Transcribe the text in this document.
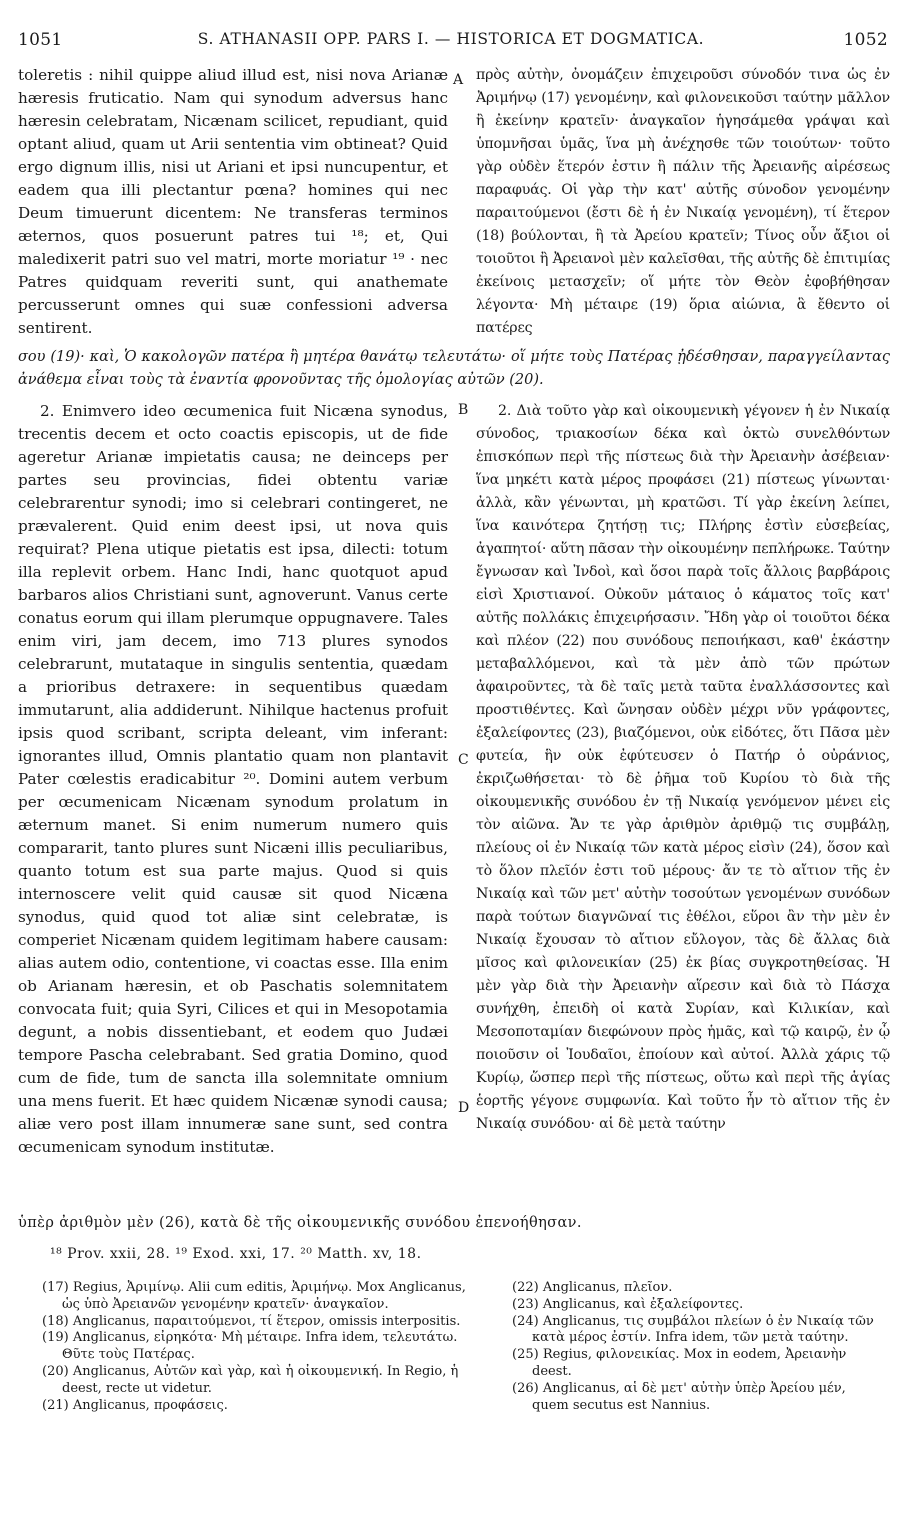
1051	S. ATHANASII OPP. PARS I. — HISTORICA ET DOGMATICA.	1052
A
B
C
D

toleretis : nihil quippe aliud illud est, nisi nova Arianæ hæresis fruticatio. Nam qui synodum adversus hanc hæresin celebratam, Nicænam scilicet, repudiant, quid optant aliud, quam ut Arii sententia vim obtineat? Quid ergo dignum illis, nisi ut Ariani et ipsi nuncupentur, et eadem qua illi plectantur pœna? homines qui nec Deum timuerunt dicentem: Ne transferas terminos æternos, quos posuerunt patres tui ¹⁸; et, Qui maledixerit patri suo vel matri, morte moriatur ¹⁹ · nec Patres quidquam reveriti sunt, qui anathemate percusserunt omnes qui suæ confessioni adversa sentirent.

πρὸς αὐτὴν, ὀνομάζειν ἐπιχειροῦσι σύνοδόν τινα ὡς ἐν Ἀριμήνῳ (17) γενομένην, καὶ φιλονεικοῦσι ταύτην μᾶλλον ἢ ἐκείνην κρατεῖν· ἀναγκαῖον ἡγησάμεθα γράψαι καὶ ὑπομνῆσαι ὑμᾶς, ἵνα μὴ ἀνέχησθε τῶν τοιούτων· τοῦτο γὰρ οὐδὲν ἕτερόν ἐστιν ἢ πάλιν τῆς Ἀρειανῆς αἱρέσεως παραφυάς. Οἱ γὰρ τὴν κατ' αὐτῆς σύνοδον γενομένην παραιτούμενοι (ἔστι δὲ ἡ ἐν Νικαίᾳ γενομένη), τί ἕτερον (18) βούλονται, ἢ τὰ Ἀρείου κρατεῖν; Τίνος οὖν ἄξιοι οἱ τοιοῦτοι ἢ Ἀρειανοὶ μὲν καλεῖσθαι, τῆς αὐτῆς δὲ ἐπιτιμίας ἐκείνοις μετασχεῖν; οἵ μήτε τὸν Θεὸν ἐφοβήθησαν λέγοντα· Μὴ μέταιρε (19) ὅρια αἰώνια, ἃ ἔθεντο οἱ πατέρες

σου (19)· καὶ, Ὁ κακολογῶν πατέρα ἢ μητέρα θανάτῳ τελευτάτω· οἵ μήτε τοὺς Πατέρας ᾐδέσθησαν, παραγγείλαντας ἀνάθεμα εἶναι τοὺς τὰ ἐναντία φρονοῦντας τῆς ὁμολογίας αὐτῶν (20).

2. Enimvero ideo œcumenica fuit Nicæna synodus, trecentis decem et octo coactis episcopis, ut de fide ageretur Arianæ impietatis causa; ne deinceps per partes seu provincias, fidei obtentu variæ celebrarentur synodi; imo si celebrari contingeret, ne prævalerent. Quid enim deest ipsi, ut nova quis requirat? Plena utique pietatis est ipsa, dilecti: totum illa replevit orbem. Hanc Indi, hanc quotquot apud barbaros alios Christiani sunt, agnoverunt. Vanus certe conatus eorum qui illam plerumque oppugnavere. Tales enim viri, jam decem, imo 713 plures synodos celebrarunt, mutataque in singulis sententia, quædam a prioribus detraxere: in sequentibus quædam immutarunt, alia addiderunt. Nihilque hactenus profuit ipsis quod scribant, scripta deleant, vim inferant: ignorantes illud, Omnis plantatio quam non plantavit Pater cœlestis eradicabitur ²⁰. Domini autem verbum per œcumenicam Nicænam synodum prolatum in æternum manet. Si enim numerum numero quis compararit, tanto plures sunt Nicæni illis peculiaribus, quanto totum est sua parte majus. Quod si quis internoscere velit quid causæ sit quod Nicæna synodus, quid quod tot aliæ sint celebratæ, is comperiet Nicænam quidem legitimam habere causam: alias autem odio, contentione, vi coactas esse. Illa enim ob Arianam hæresin, et ob Paschatis solemnitatem convocata fuit; quia Syri, Cilices et qui in Mesopotamia degunt, a nobis dissentiebant, et eodem quo Judæi tempore Pascha celebrabant. Sed gratia Domino, quod cum de fide, tum de sancta illa solemnitate omnium una mens fuerit. Et hæc quidem Nicænæ synodi causa; aliæ vero post illam innumeræ sane sunt, sed contra œcumenicam synodum institutæ.

2. Διὰ τοῦτο γὰρ καὶ οἰκουμενικὴ γέγονεν ἡ ἐν Νικαίᾳ σύνοδος, τριακοσίων δέκα καὶ ὀκτὼ συνελθόντων ἐπισκόπων περὶ τῆς πίστεως διὰ τὴν Ἀρειανὴν ἀσέβειαν· ἵνα μηκέτι κατὰ μέρος προφάσει (21) πίστεως γίνωνται· ἀλλὰ, κἂν γένωνται, μὴ κρατῶσι. Τί γὰρ ἐκείνη λείπει, ἵνα καινότερα ζητήσῃ τις; Πλήρης ἐστὶν εὐσεβείας, ἀγαπητοί· αὕτη πᾶσαν τὴν οἰκουμένην πεπλήρωκε. Ταύτην ἔγνωσαν καὶ Ἰνδοὶ, καὶ ὅσοι παρὰ τοῖς ἄλλοις βαρβάροις εἰσὶ Χριστιανοί. Οὐκοῦν μάταιος ὁ κάματος τοῖς κατ' αὐτῆς πολλάκις ἐπιχειρήσασιν. Ἤδη γὰρ οἱ τοιοῦτοι δέκα καὶ πλέον (22) που συνόδους πεποιήκασι, καθ' ἑκάστην μεταβαλλόμενοι, καὶ τὰ μὲν ἀπὸ τῶν πρώτων ἀφαιροῦντες, τὰ δὲ ταῖς μετὰ ταῦτα ἐναλλάσσοντες καὶ προστιθέντες. Καὶ ὤνησαν οὐδὲν μέχρι νῦν γράφοντες, ἐξαλείφοντες (23), βιαζόμενοι, οὐκ εἰδότες, ὅτι Πᾶσα μὲν φυτεία, ἣν οὐκ ἐφύτευσεν ὁ Πατήρ ὁ οὐράνιος, ἐκριζωθήσεται· τὸ δὲ ῥῆμα τοῦ Κυρίου τὸ διὰ τῆς οἰκουμενικῆς συνόδου ἐν τῇ Νικαίᾳ γενόμενον μένει εἰς τὸν αἰῶνα. Ἄν τε γὰρ ἀριθμὸν ἀριθμῷ τις συμβάλῃ, πλείους οἱ ἐν Νικαίᾳ τῶν κατὰ μέρος εἰσὶν (24), ὅσον καὶ τὸ ὅλον πλεῖόν ἐστι τοῦ μέρους· ἄν τε τὸ αἴτιον τῆς ἐν Νικαίᾳ καὶ τῶν μετ' αὐτὴν τοσούτων γενομένων συνόδων παρὰ τούτων διαγνῶναί τις ἐθέλοι, εὕροι ἂν τὴν μὲν ἐν Νικαίᾳ ἔχουσαν τὸ αἴτιον εὔλογον, τὰς δὲ ἄλλας διὰ μῖσος καὶ φιλονεικίαν (25) ἐκ βίας συγκροτηθείσας. Ἡ μὲν γὰρ διὰ τὴν Ἀρειανὴν αἵρεσιν καὶ διὰ τὸ Πάσχα συνήχθη, ἐπειδὴ οἱ κατὰ Συρίαν, καὶ Κιλικίαν, καὶ Μεσοποταμίαν διεφώνουν πρὸς ἡμᾶς, καὶ τῷ καιρῷ, ἐν ᾧ ποιοῦσιν οἱ Ἰουδαῖοι, ἐποίουν καὶ αὐτοί. Ἀλλὰ χάρις τῷ Κυρίῳ, ὥσπερ περὶ τῆς πίστεως, οὕτω καὶ περὶ τῆς ἁγίας ἑορτῆς γέγονε συμφωνία. Καὶ τοῦτο ἦν τὸ αἴτιον τῆς ἐν Νικαίᾳ συνόδου· αἱ δὲ μετὰ ταύτην

ὑπὲρ ἀριθμὸν μὲν (26), κατὰ δὲ τῆς οἰκουμενικῆς συνόδου ἐπενοήθησαν.
¹⁸ Prov. xxii, 28. ¹⁹ Exod. xxi, 17. ²⁰ Matth. xv, 18.
(17) Regius, Ἀριμίνῳ. Alii cum editis, Ἀριμήνῳ. Mox Anglicanus, ὡς ὑπὸ Ἀρειανῶν γενομένην κρατεῖν· ἀναγκαῖον.
(18) Anglicanus, παραιτούμενοι, τί ἕτερον, omissis interpositis.
(19) Anglicanus, εἰρηκότα· Μὴ μέταιρε. Infra idem, τελευτάτω. Θῦτε τοὺς Πατέρας.
(20) Anglicanus, Αὐτῶν καὶ γὰρ, καὶ ἡ οἰκουμενική. In Regio, ἡ deest, recte ut videtur.
(21) Anglicanus, προφάσεις.
(22) Anglicanus, πλεῖον.
(23) Anglicanus, καὶ ἐξαλείφοντες.
(24) Anglicanus, τις συμβάλοι πλείων ὁ ἐν Νικαίᾳ τῶν κατὰ μέρος ἐστίν. Infra idem, τῶν μετὰ ταύτην.
(25) Regius, φιλονεικίας. Mox in eodem, Ἀρειανὴν deest.
(26) Anglicanus, αἱ δὲ μετ' αὐτὴν ὑπὲρ Ἀρείου μέν, quem secutus est Nannius.
